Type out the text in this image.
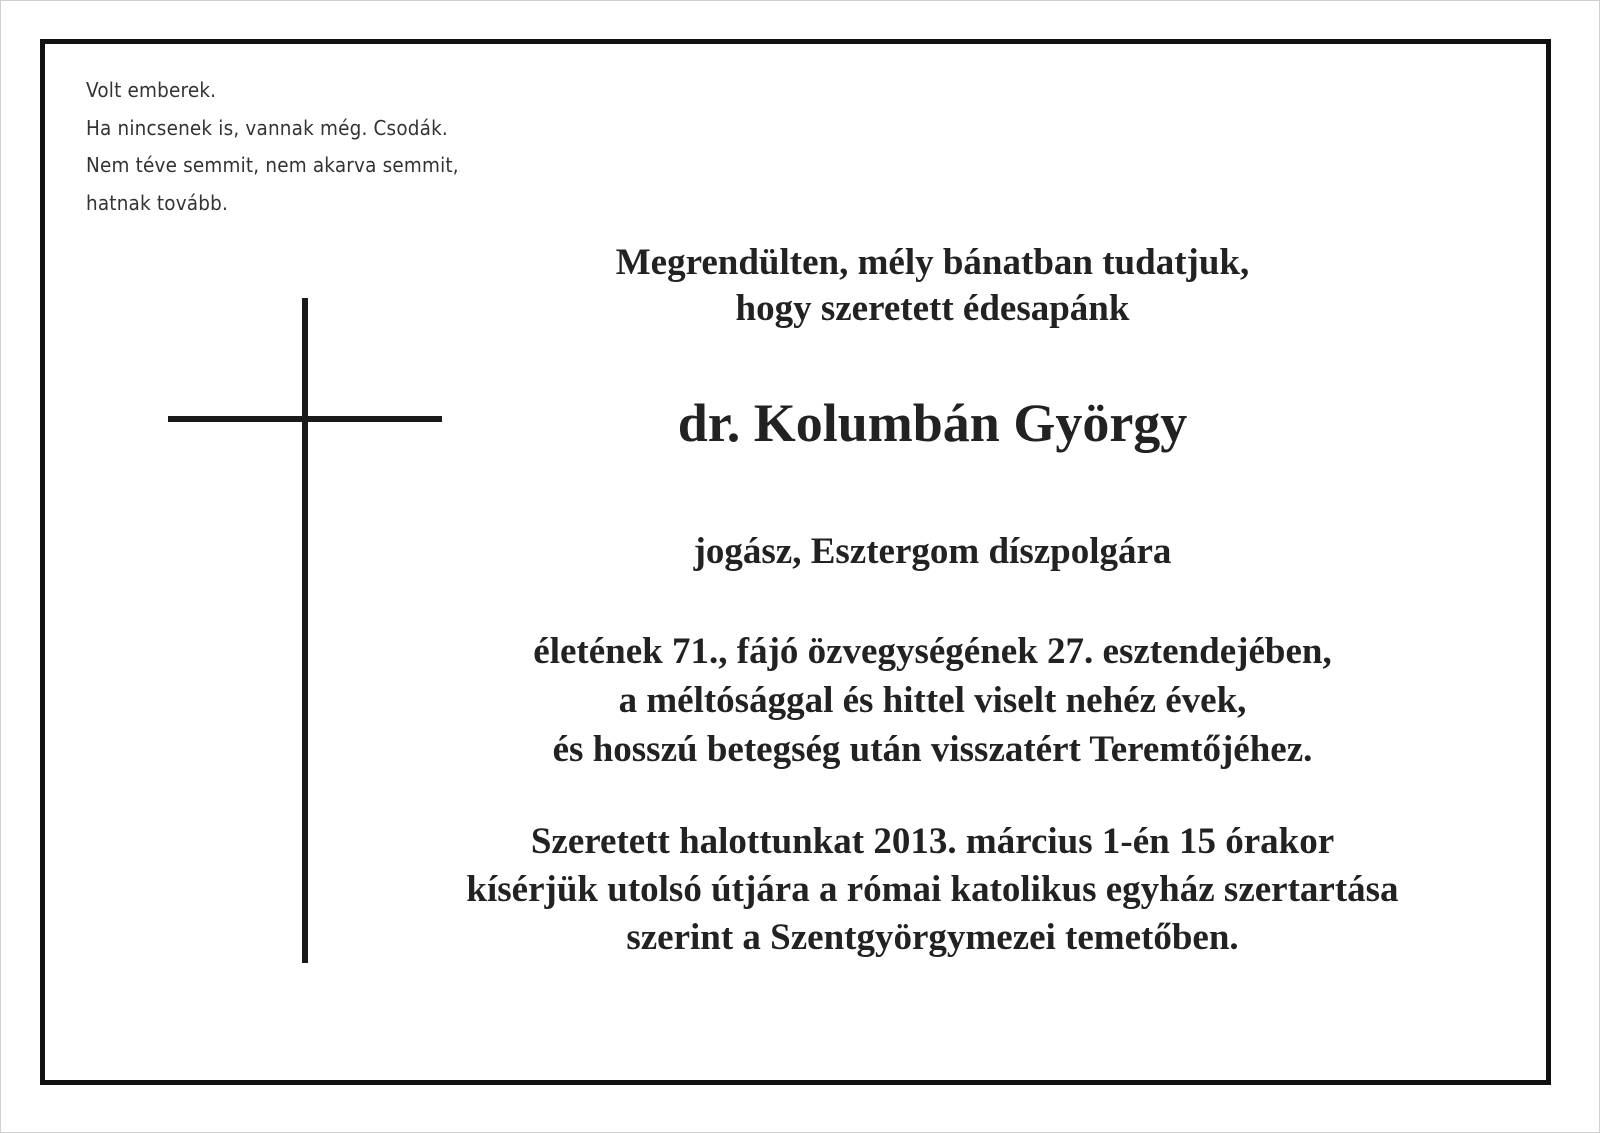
Volt emberek.
Ha nincsenek is, vannak még. Csodák.
Nem téve semmit, nem akarva semmit,
hatnak tovább.
Megrendülten, mély bánatban tudatjuk,
hogy szeretett édesapánk
dr. Kolumbán György
jogász, Esztergom díszpolgára
életének 71., fájó özvegységének 27. esztendejében,
a méltósággal és hittel viselt nehéz évek,
és hosszú betegség után visszatért Teremtőjéhez.
Szeretett halottunkat 2013. március 1-én 15 órakor
kísérjük utolsó útjára a római katolikus egyház szertartása
szerint a Szentgyörgymezei temetőben.
